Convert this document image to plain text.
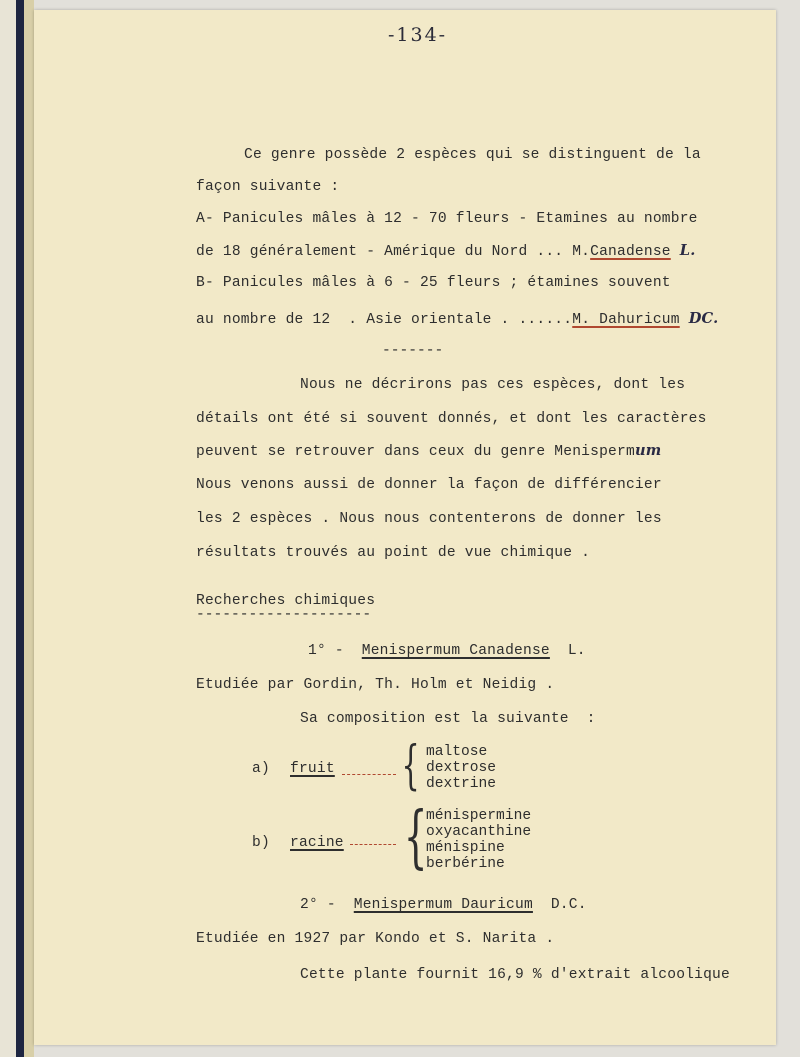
-134-
Ce genre possède 2 espèces qui se distinguent de la
façon suivante :
A- Panicules mâles à 12 - 70 fleurs - Etamines au nombre
de 18 généralement - Amérique du Nord ... M.Canadense L.
B- Panicules mâles à 6 - 25 fleurs ; étamines souvent
au nombre de 12  . Asie orientale . ......M. Dahuricum DC.
-------
Nous ne décrirons pas ces espèces, dont les
détails ont été si souvent donnés, et dont les caractères
peuvent se retrouver dans ceux du genre Menispermum
Nous venons aussi de donner la façon de différencier
les 2 espèces . Nous nous contenterons de donner les
résultats trouvés au point de vue chimique .
Recherches chimiques
--------------------
1° - Menispermum Canadense L.
Etudiée par Gordin, Th. Holm et Neidig .
Sa composition est la suivante  :
a) fruit { maltose
dextrose
dextrine
b) racine {
ménispermine
oxyacanthine
ménispine
berbérine
2° - Menispermum Dauricum D.C.
Etudiée en 1927 par Kondo et S. Narita .
Cette plante fournit 16,9 % d'extrait alcoolique
